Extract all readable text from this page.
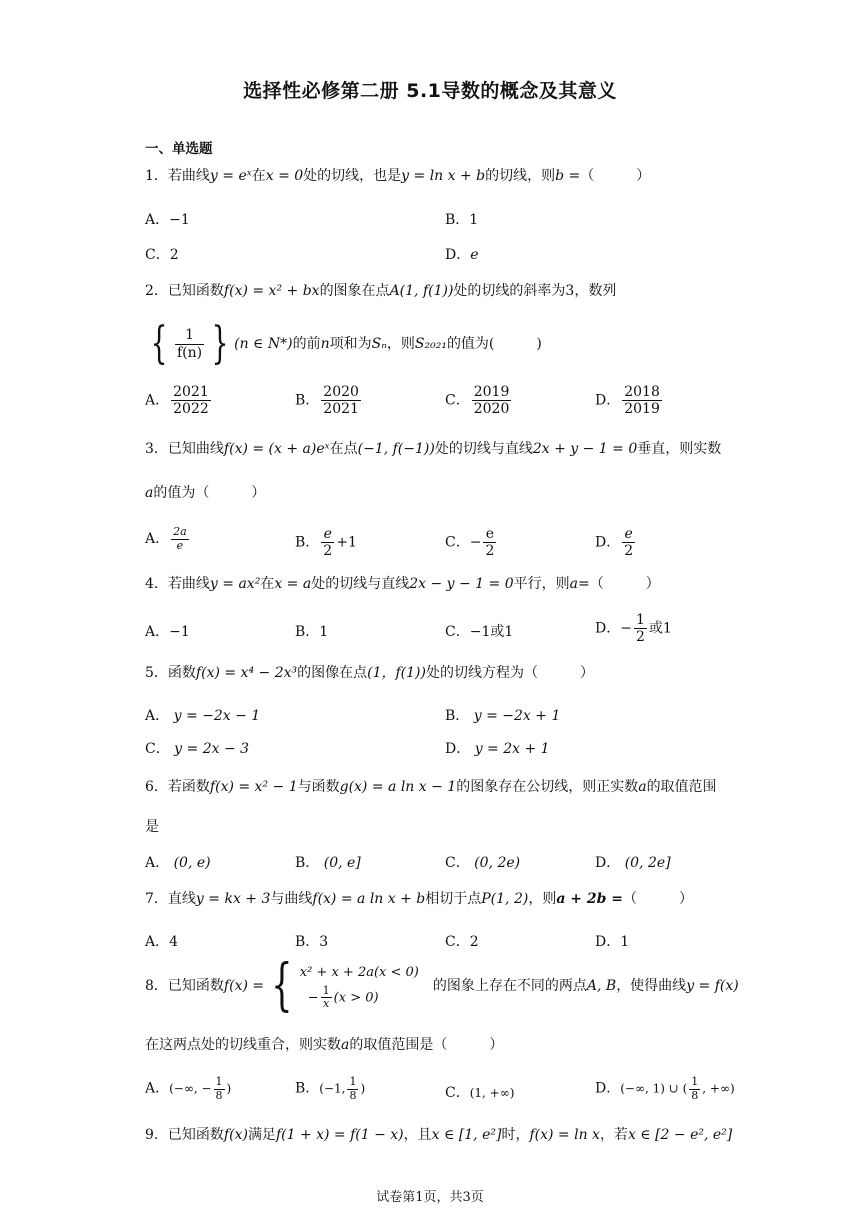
选择性必修第二册 5.1导数的概念及其意义
一、单选题
1．若曲线y = eˣ在x = 0处的切线，也是y = ln x + b的切线，则b =（　　　）
A．−1	B．1
C．2	D．e
2．已知函数f(x) = x² + bx的图象在点A(1, f(1))处的切线的斜率为3，数列
{ $\frac{1}{f(n)}$ } (n ∈ N*)的前n项和为Sₙ，则S₂₀₂₁的值为(　　　)
A． $\frac{2021}{2022}$	B． $\frac{2020}{2021}$	C． $\frac{2019}{2020}$	D． $\frac{2018}{2019}$
3．已知曲线f(x) = (x + a)eˣ在点(−1, f(−1))处的切线与直线2x + y − 1 = 0垂直，则实数
a的值为（　　　）
A． $\frac{2a}{e}$	B． $\frac{e}{2} +1$	C．− $\frac{e}{2}$	D． $\frac{e}{2}$
4．若曲线y = ax²在x = a处的切线与直线2x − y − 1 = 0平行，则a=（　　　）
A．−1	B．1	C．−1或1	D．− $\frac{1}{2}$ 或1
5．函数f(x) = x⁴ − 2x³的图像在点(1，f(1))处的切线方程为（　　　）
A． y = −2x − 1	B． y = −2x + 1
C． y = 2x − 3	D． y = 2x + 1
6．若函数f(x) = x² − 1与函数g(x) = a ln x − 1的图象存在公切线，则正实数a的取值范围
是
A． (0, e)	B． (0, e]	C． (0, 2e)	D． (0, 2e]
7．直线y = kx + 3与曲线f(x) = a ln x + b相切于点P(1, 2)，则a + 2b =（　　　）
A．4	B．3	C．2	D．1
8．已知函数f(x) = { x² + x + 2a(x < 0)
− $\frac{1}{x} (x > 0)$
的图象上存在不同的两点A, B，使得曲线y = f(x)
在这两点处的切线重合，则实数a的取值范围是（　　　）
A．(−∞, − $\frac{1}{8}$ )	B．(−1, $\frac{1}{8}$ )	C．(1, +∞)	D．(−∞, 1) ∪ ( $\frac{1}{8}$ , +∞)
9．已知函数f(x)满足f(1 + x) = f(1 − x)，且x ∈ [1, e²]时，f(x) = ln x，若x ∈ [2 − e², e²]
试卷第1页，共3页
